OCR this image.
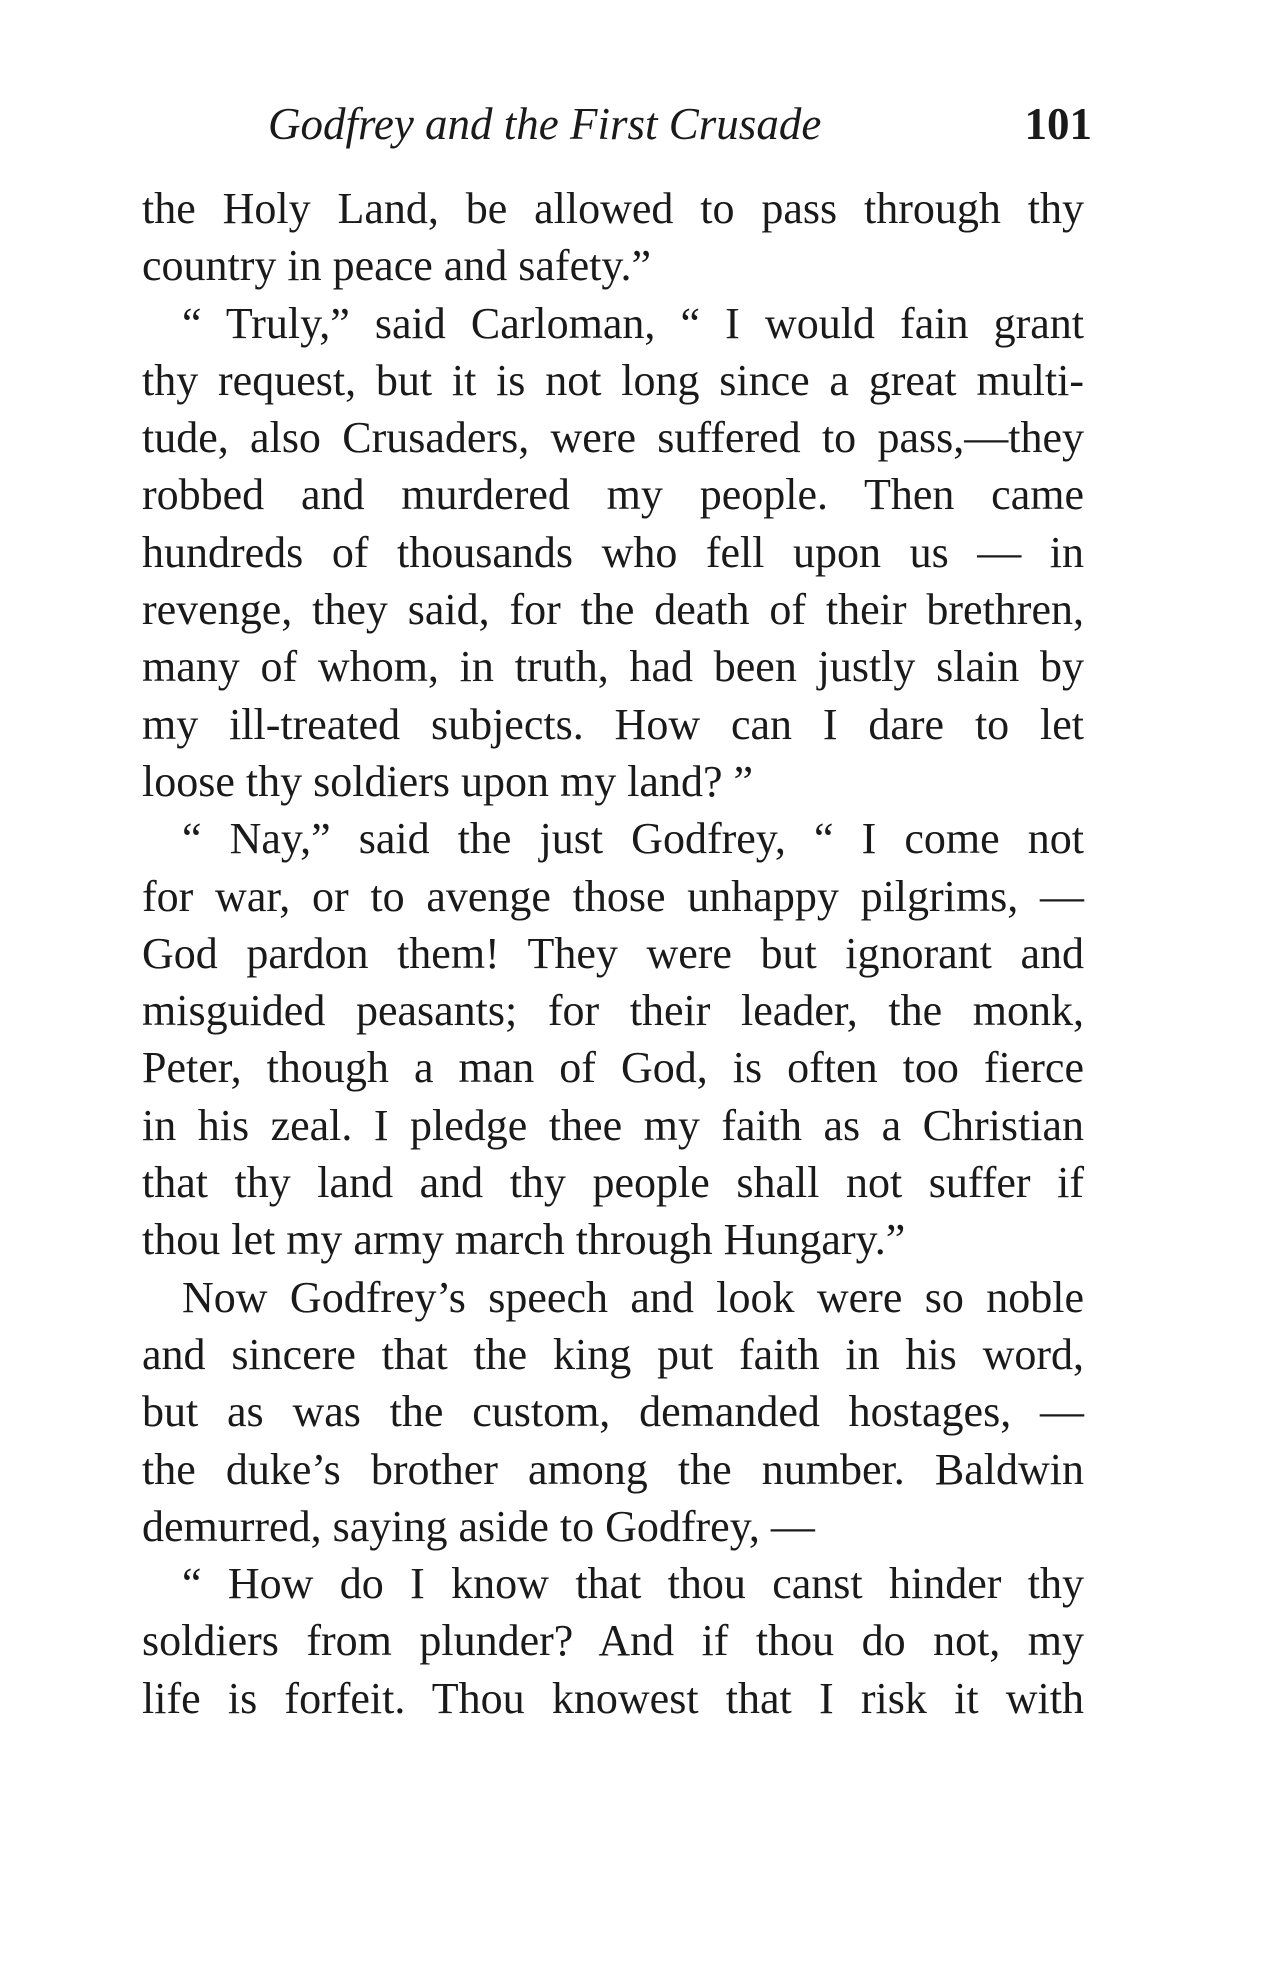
Godfrey and the First Crusade	101
the Holy Land, be allowed to pass through thy
country in peace and safety.”
“ Truly,” said Carloman, “ I would fain grant
thy request, but it is not long since a great multi-
tude, also Crusaders, were suffered to pass,—they
robbed and murdered my people. Then came
hundreds of thousands who fell upon us — in
revenge, they said, for the death of their brethren,
many of whom, in truth, had been justly slain by
my ill-treated subjects. How can I dare to let
loose thy soldiers upon my land? ”
“ Nay,” said the just Godfrey, “ I come not
for war, or to avenge those unhappy pilgrims, —
God pardon them! They were but ignorant and
misguided peasants; for their leader, the monk,
Peter, though a man of God, is often too fierce
in his zeal. I pledge thee my faith as a Christian
that thy land and thy people shall not suffer if
thou let my army march through Hungary.”
Now Godfrey’s speech and look were so noble
and sincere that the king put faith in his word,
but as was the custom, demanded hostages, —
the duke’s brother among the number. Baldwin
demurred, saying aside to Godfrey, —
“ How do I know that thou canst hinder thy
soldiers from plunder? And if thou do not, my
life is forfeit. Thou knowest that I risk it with
